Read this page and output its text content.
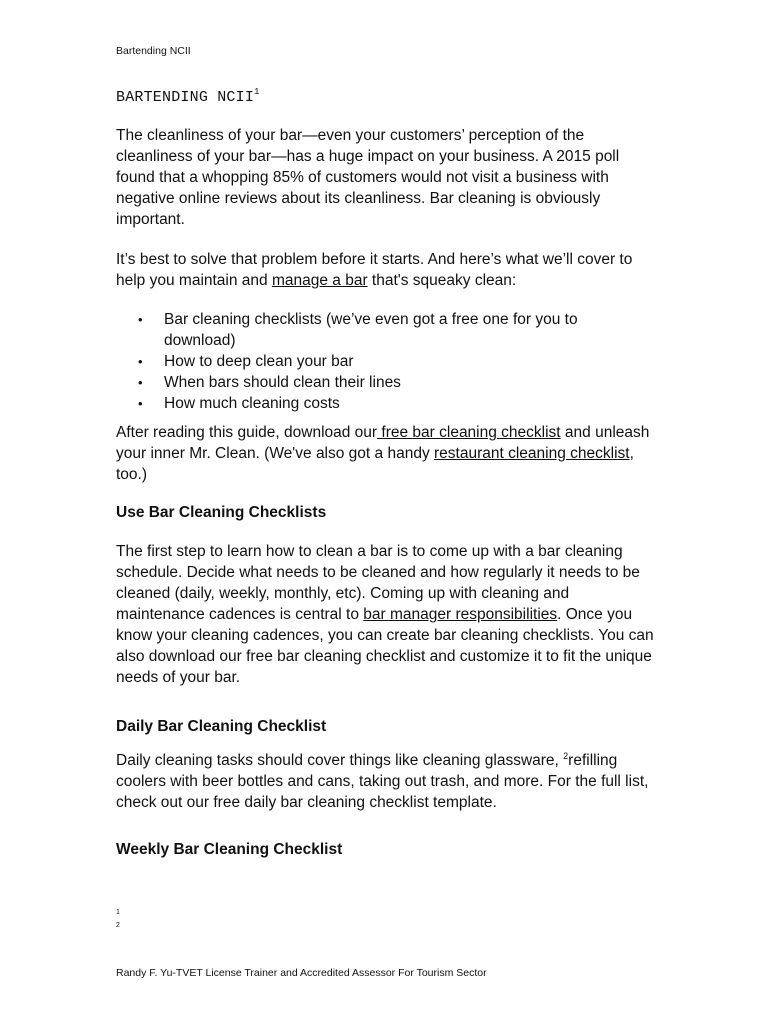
Bartending NCII
BARTENDING NCII$^1$

The cleanliness of your bar—even your customers’ perception of the cleanliness of your bar—has a huge impact on your business. A 2015 poll found that a whopping 85% of customers would not visit a business with negative online reviews about its cleanliness. Bar cleaning is obviously important.

It’s best to solve that problem before it starts. And here’s what we’ll cover to help you maintain and manage a bar that's squeaky clean:

• Bar cleaning checklists (we’ve even got a free one for you to download)
• How to deep clean your bar
• When bars should clean their lines
• How much cleaning costs

After reading this guide, download our free bar cleaning checklist and unleash your inner Mr. Clean. (We've also got a handy restaurant cleaning checklist, too.)

Use Bar Cleaning Checklists

The first step to learn how to clean a bar is to come up with a bar cleaning schedule. Decide what needs to be cleaned and how regularly it needs to be cleaned (daily, weekly, monthly, etc). Coming up with cleaning and maintenance cadences is central to bar manager responsibilities. Once you know your cleaning cadences, you can create bar cleaning checklists. You can also download our free bar cleaning checklist and customize it to fit the unique needs of your bar.

Daily Bar Cleaning Checklist

Daily cleaning tasks should cover things like cleaning glassware, $^2$refilling coolers with beer bottles and cans, taking out trash, and more. For the full list, check out our free daily bar cleaning checklist template.

Weekly Bar Cleaning Checklist
1
2
Randy F. Yu-TVET License Trainer and Accredited Assessor For Tourism Sector
